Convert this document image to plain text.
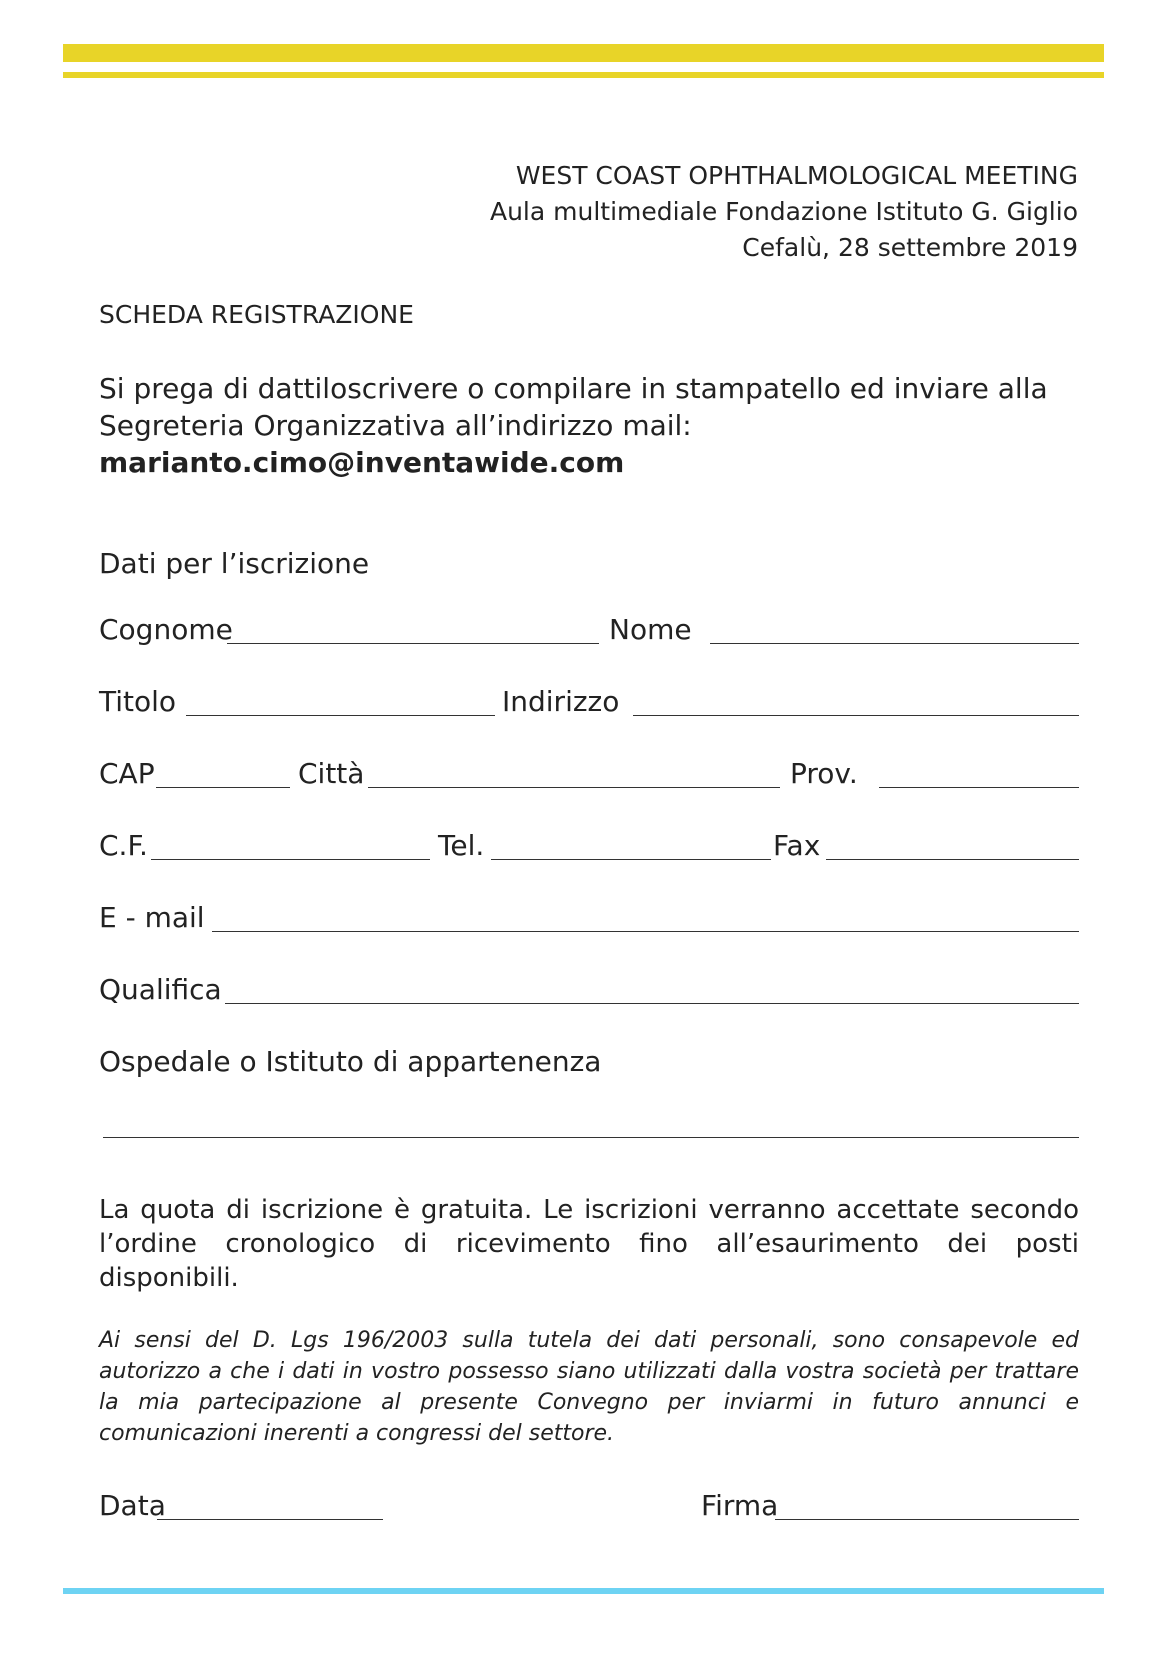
WEST COAST OPHTHALMOLOGICAL MEETING
Aula multimediale Fondazione Istituto G. Giglio
Cefalù, 28 settembre 2019
SCHEDA REGISTRAZIONE
Si prega di dattiloscrivere o compilare in stampatello ed inviare alla
Segreteria Organizzativa all’indirizzo mail:
marianto.cimo@inventawide.com
Dati per l’iscrizione
Cognome	Nome
Titolo	Indirizzo
CAP	Città	Prov.
C.F.	Tel.	Fax
E - mail
Qualifica
Ospedale o Istituto di appartenenza
La quota di iscrizione è gratuita. Le iscrizioni verranno accettate secondo l’ordine cronologico di ricevimento fino all’esaurimento dei posti disponibili.
Ai sensi del D. Lgs 196/2003 sulla tutela dei dati personali, sono consapevole ed autorizzo a che i dati in vostro possesso siano utilizzati dalla vostra società per trattare la mia partecipazione al presente Convegno per inviarmi in futuro annunci e comunicazioni inerenti a congressi del settore.
Data	Firma
